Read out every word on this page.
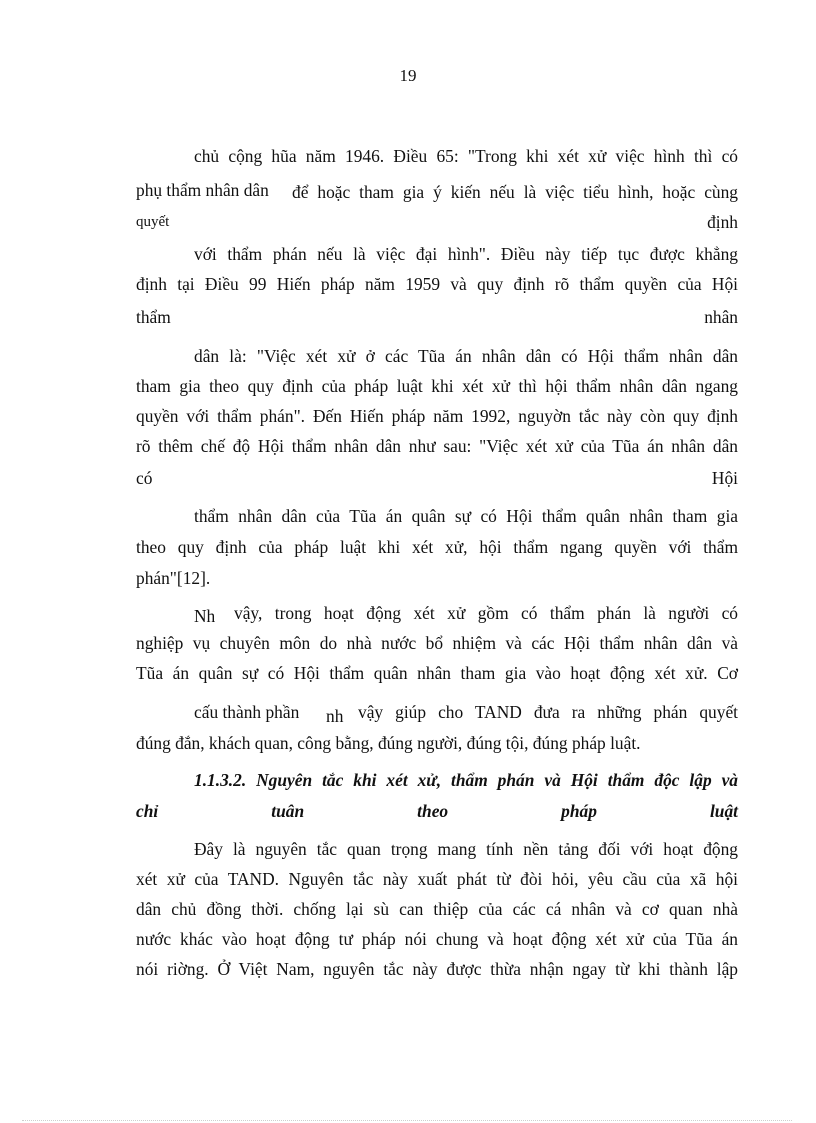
19
chủ cộng hũa năm 1946. Điều 65: "Trong khi xét xử việc hình thì có
phụ thẩm nhân dân để hoặc tham gia ý kiến nếu là việc tiểu hình, hoặc cùng
quyết	định
với thẩm phán nếu là việc đại hình". Điều này tiếp tục được khẳng
định tại Điều 99 Hiến pháp năm 1959 và quy định rõ thẩm quyền của Hội
thẩm	nhân
dân là: "Việc xét xử ở các Tũa án nhân dân có Hội thẩm nhân dân
tham gia theo quy định của pháp luật khi xét xử thì hội thẩm nhân dân ngang
quyền với thẩm phán". Đến Hiến pháp năm 1992, nguyờn tắc này còn quy định
rõ thêm chế độ Hội thẩm nhân dân như sau: "Việc xét xử của Tũa án nhân dân
có	Hội
thẩm nhân dân của Tũa án quân sự có Hội thẩm quân nhân tham gia
theo quy định của pháp luật khi xét xử, hội thẩm ngang quyền với thẩm
phán"[12].
Nh vậy, trong hoạt động xét xử gồm có thẩm phán là người có
nghiệp vụ chuyên môn do nhà nước bổ nhiệm và các Hội thẩm nhân dân và
Tũa án quân sự có Hội thẩm quân nhân tham gia vào hoạt động xét xử. Cơ
cấu thành phần nh vậy giúp cho TAND đưa ra những phán quyết
đúng đắn, khách quan, công bằng, đúng người, đúng tội, đúng pháp luật.
1.1.3.2. Nguyên tắc khi xét xử, thẩm phán và Hội thẩm độc lập và
chỉ tuân theo pháp luật
Đây là nguyên tắc quan trọng mang tính nền tảng đối với hoạt động
xét xử của TAND. Nguyên tắc này xuất phát từ đòi hỏi, yêu cầu của xã hội
dân chủ đồng thời. chống lại sù can thiệp của các cá nhân và cơ quan nhà
nước khác vào hoạt động tư pháp nói chung và hoạt động xét xử của Tũa án
nói riờng. Ở Việt Nam, nguyên tắc này được thừa nhận ngay từ khi thành lập
